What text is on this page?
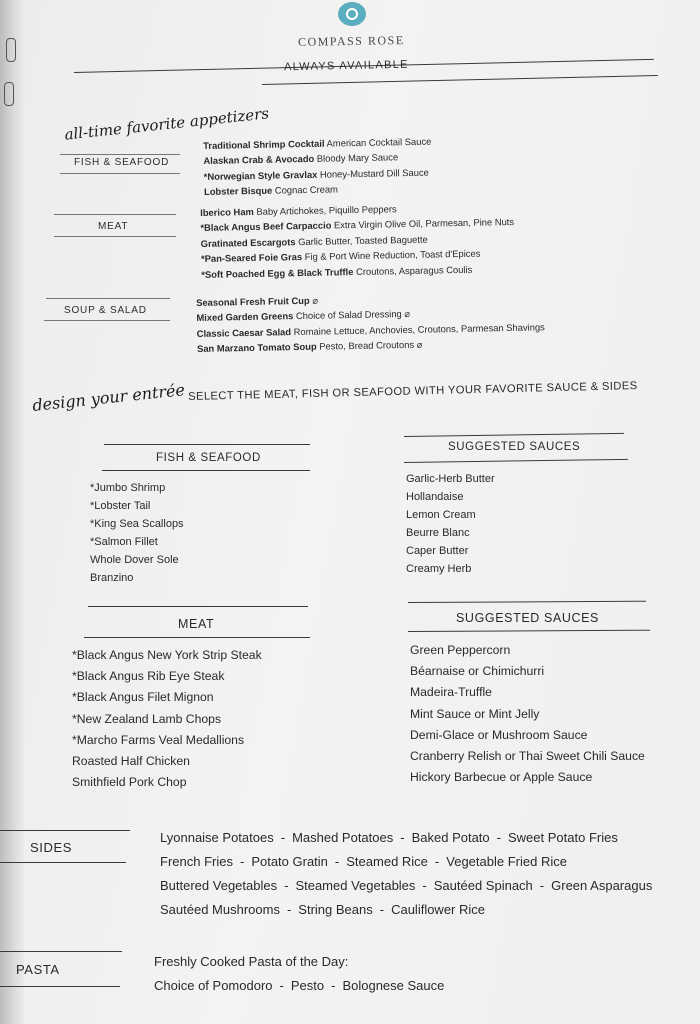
COMPASS ROSE
ALWAYS AVAILABLE
all-time favorite appetizers
FISH & SEAFOOD
Traditional Shrimp Cocktail American Cocktail Sauce
Alaskan Crab & Avocado Bloody Mary Sauce
*Norwegian Style Gravlax Honey-Mustard Dill Sauce
Lobster Bisque Cognac Cream
MEAT
Iberico Ham Baby Artichokes, Piquillo Peppers
*Black Angus Beef Carpaccio Extra Virgin Olive Oil, Parmesan, Pine Nuts
Gratinated Escargots Garlic Butter, Toasted Baguette
*Pan-Seared Foie Gras Fig & Port Wine Reduction, Toast d'Epices
*Soft Poached Egg & Black Truffle Croutons, Asparagus Coulis
SOUP & SALAD
Seasonal Fresh Fruit Cup ⌀
Mixed Garden Greens Choice of Salad Dressing ⌀
Classic Caesar Salad Romaine Lettuce, Anchovies, Croutons, Parmesan Shavings
San Marzano Tomato Soup Pesto, Bread Croutons ⌀
design your entrée SELECT THE MEAT, FISH OR SEAFOOD WITH YOUR FAVORITE SAUCE & SIDES
FISH & SEAFOOD
*Jumbo Shrimp
*Lobster Tail
*King Sea Scallops
*Salmon Fillet
Whole Dover Sole
Branzino
SUGGESTED SAUCES
Garlic-Herb Butter
Hollandaise
Lemon Cream
Beurre Blanc
Caper Butter
Creamy Herb
MEAT
*Black Angus New York Strip Steak
*Black Angus Rib Eye Steak
*Black Angus Filet Mignon
*New Zealand Lamb Chops
*Marcho Farms Veal Medallions
Roasted Half Chicken
Smithfield Pork Chop
SUGGESTED SAUCES
Green Peppercorn
Béarnaise or Chimichurri
Madeira-Truffle
Mint Sauce or Mint Jelly
Demi-Glace or Mushroom Sauce
Cranberry Relish or Thai Sweet Chili Sauce
Hickory Barbecue or Apple Sauce
SIDES
Lyonnaise Potatoes - Mashed Potatoes - Baked Potato - Sweet Potato Fries
French Fries - Potato Gratin - Steamed Rice - Vegetable Fried Rice
Buttered Vegetables - Steamed Vegetables - Sautéed Spinach - Green Asparagus
Sautéed Mushrooms - String Beans - Cauliflower Rice
PASTA
Freshly Cooked Pasta of the Day:
Choice of Pomodoro - Pesto - Bolognese Sauce
